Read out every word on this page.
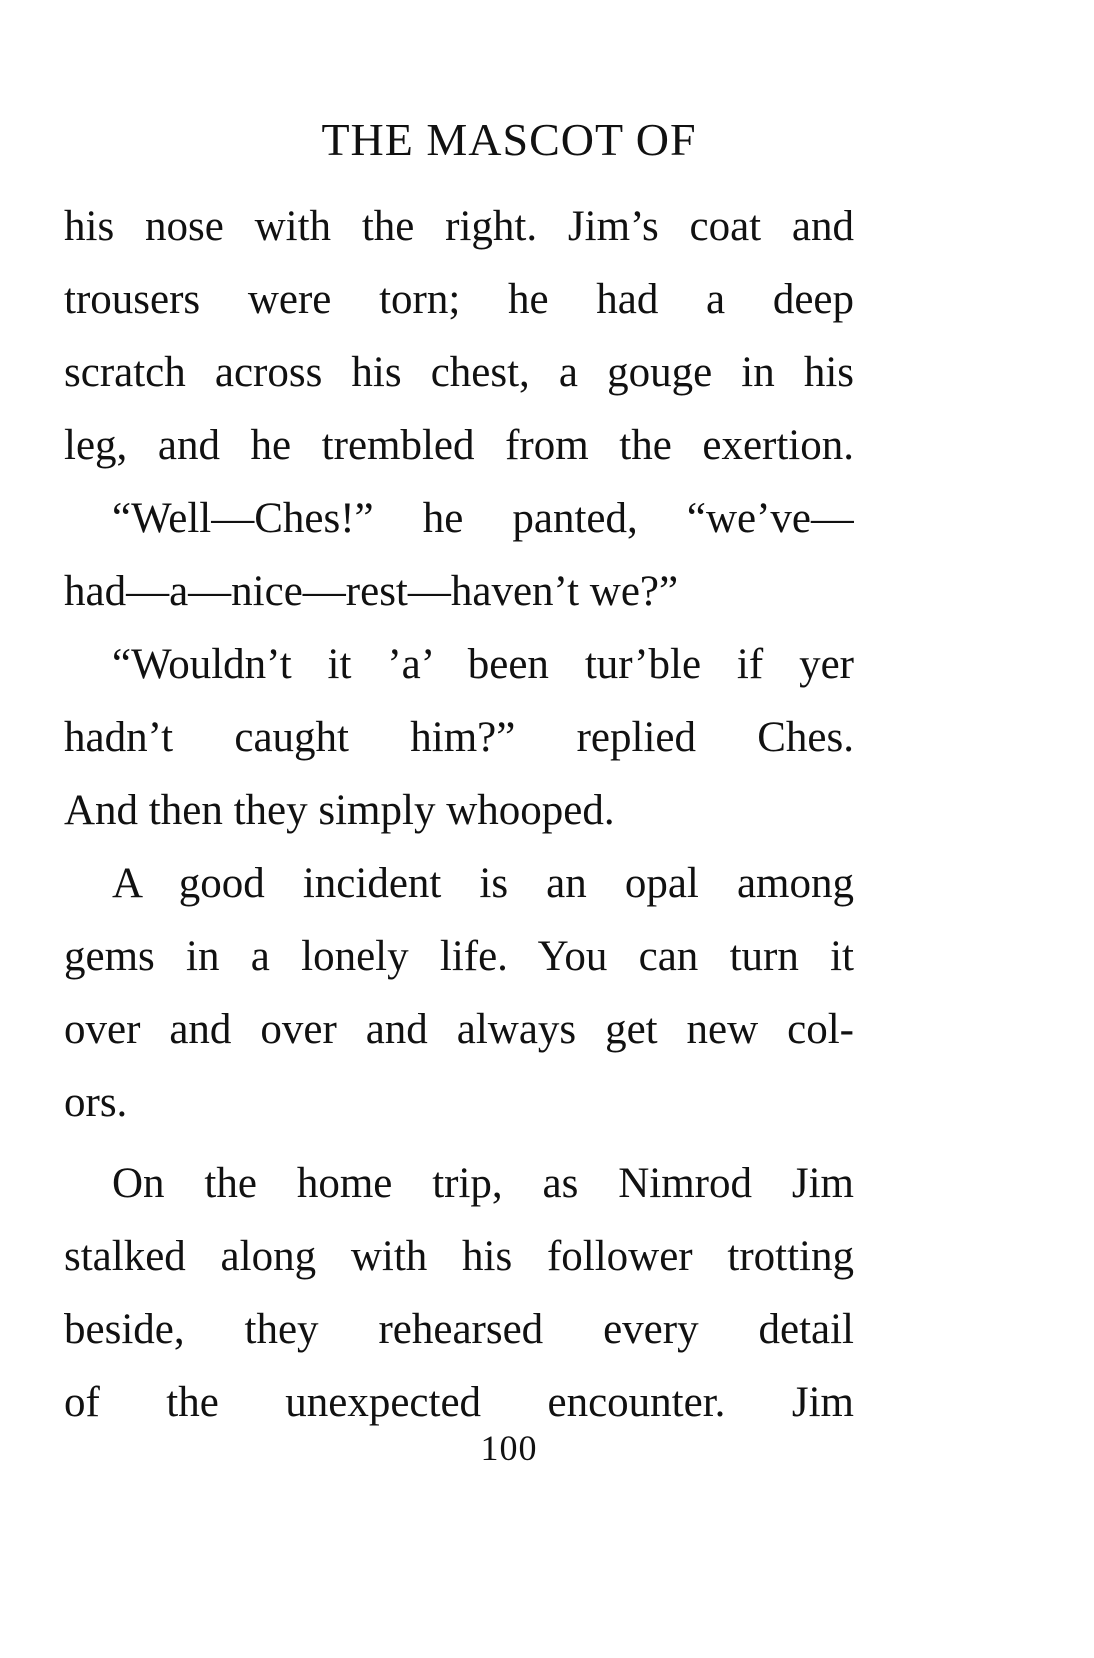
THE MASCOT OF
his nose with the right. Jim’s coat and
trousers were torn; he had a deep
scratch across his chest, a gouge in his
leg, and he trembled from the exertion.
“Well—Ches!” he panted, “we’ve—
had—a—nice—rest—haven’t we?”
“Wouldn’t it ’a’ been tur’ble if yer
hadn’t caught him?” replied Ches.
And then they simply whooped.
A good incident is an opal among
gems in a lonely life. You can turn it
over and over and always get new col-
ors.
On the home trip, as Nimrod Jim
stalked along with his follower trotting
beside, they rehearsed every detail
of the unexpected encounter. Jim
100
